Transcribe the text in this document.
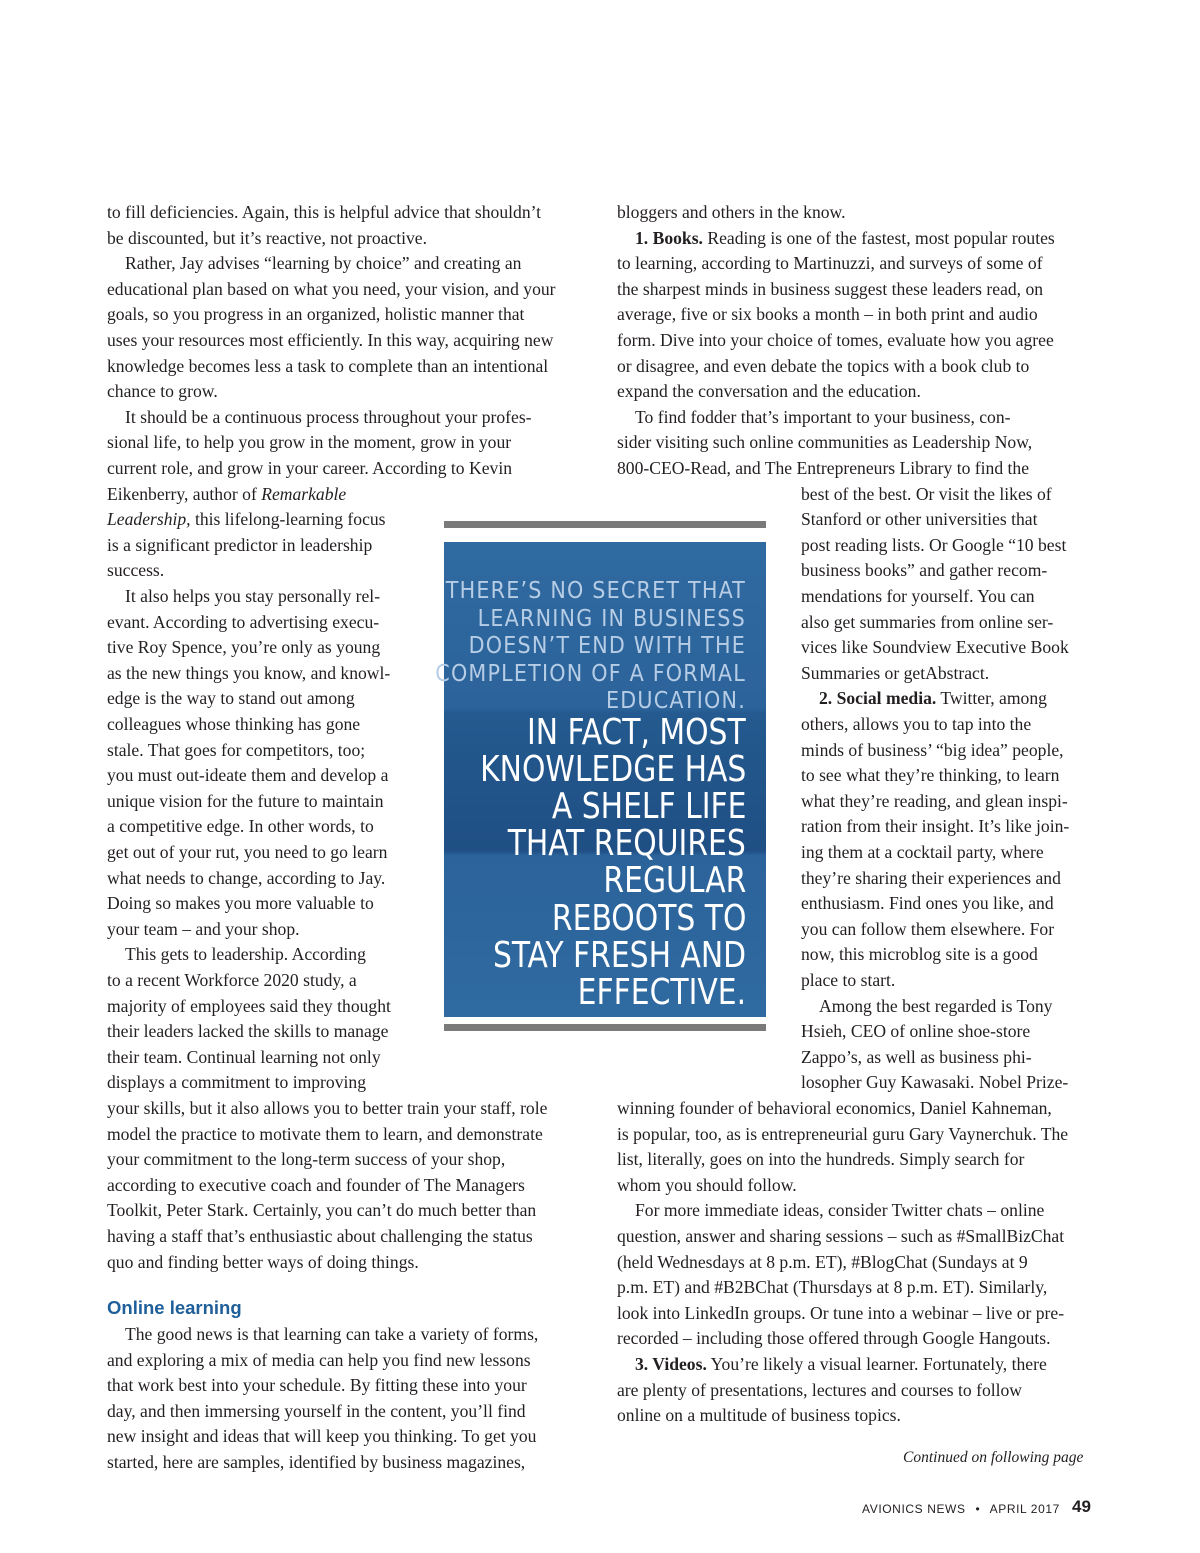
to fill deficiencies. Again, this is helpful advice that shouldn’t
be discounted, but it’s reactive, not proactive.
Rather, Jay advises “learning by choice” and creating an
educational plan based on what you need, your vision, and your
goals, so you progress in an organized, holistic manner that
uses your resources most efficiently. In this way, acquiring new
knowledge becomes less a task to complete than an intentional
chance to grow.
It should be a continuous process throughout your profes-
sional life, to help you grow in the moment, grow in your
current role, and grow in your career. According to Kevin
Eikenberry, author of Remarkable
Leadership, this lifelong-learning focus
is a significant predictor in leadership
success.
It also helps you stay personally rel-
evant. According to advertising execu-
tive Roy Spence, you’re only as young
as the new things you know, and knowl-
edge is the way to stand out among
colleagues whose thinking has gone
stale. That goes for competitors, too;
you must out-ideate them and develop a
unique vision for the future to maintain
a competitive edge. In other words, to
get out of your rut, you need to go learn
what needs to change, according to Jay.
Doing so makes you more valuable to
your team – and your shop.
This gets to leadership. According
to a recent Workforce 2020 study, a
majority of employees said they thought
their leaders lacked the skills to manage
their team. Continual learning not only
displays a commitment to improving
your skills, but it also allows you to better train your staff, role
model the practice to motivate them to learn, and demonstrate
your commitment to the long-term success of your shop,
according to executive coach and founder of The Managers
Toolkit, Peter Stark. Certainly, you can’t do much better than
having a staff that’s enthusiastic about challenging the status
quo and finding better ways of doing things.
The good news is that learning can take a variety of forms,
and exploring a mix of media can help you find new lessons
that work best into your schedule. By fitting these into your
day, and then immersing yourself in the content, you’ll find
new insight and ideas that will keep you thinking. To get you
started, here are samples, identified by business magazines,
Online learning
bloggers and others in the know.
1. Books. Reading is one of the fastest, most popular routes
to learning, according to Martinuzzi, and surveys of some of
the sharpest minds in business suggest these leaders read, on
average, five or six books a month – in both print and audio
form. Dive into your choice of tomes, evaluate how you agree
or disagree, and even debate the topics with a book club to
expand the conversation and the education.
To find fodder that’s important to your business, con-
sider visiting such online communities as Leadership Now,
800-CEO-Read, and The Entrepreneurs Library to find the
best of the best. Or visit the likes of
Stanford or other universities that
post reading lists. Or Google “10 best
business books” and gather recom-
mendations for yourself. You can
also get summaries from online ser-
vices like Soundview Executive Book
Summaries or getAbstract.
2. Social media. Twitter, among
others, allows you to tap into the
minds of business’ “big idea” people,
to see what they’re thinking, to learn
what they’re reading, and glean inspi-
ration from their insight. It’s like join-
ing them at a cocktail party, where
they’re sharing their experiences and
enthusiasm. Find ones you like, and
you can follow them elsewhere. For
now, this microblog site is a good
place to start.
Among the best regarded is Tony
Hsieh, CEO of online shoe-store
Zappo’s, as well as business phi-
losopher Guy Kawasaki. Nobel Prize-
winning founder of behavioral economics, Daniel Kahneman,
is popular, too, as is entrepreneurial guru Gary Vaynerchuk. The
list, literally, goes on into the hundreds. Simply search for
whom you should follow.
For more immediate ideas, consider Twitter chats – online
question, answer and sharing sessions – such as #SmallBizChat
(held Wednesdays at 8 p.m. ET), #BlogChat (Sundays at 9
p.m. ET) and #B2BChat (Thursdays at 8 p.m. ET). Similarly,
look into LinkedIn groups. Or tune into a webinar – live or pre-
recorded – including those offered through Google Hangouts.
3. Videos. You’re likely a visual learner. Fortunately, there
are plenty of presentations, lectures and courses to follow
online on a multitude of business topics.
THERE’S NO SECRET THAT
LEARNING IN BUSINESS
DOESN’T END WITH THE
COMPLETION OF A FORMAL
EDUCATION.
IN FACT, MOST
KNOWLEDGE HAS
A SHELF LIFE
THAT REQUIRES
REGULAR
REBOOTS TO
STAY FRESH AND
EFFECTIVE.
Continued on following page
AVIONICS NEWS • APRIL 2017 49
